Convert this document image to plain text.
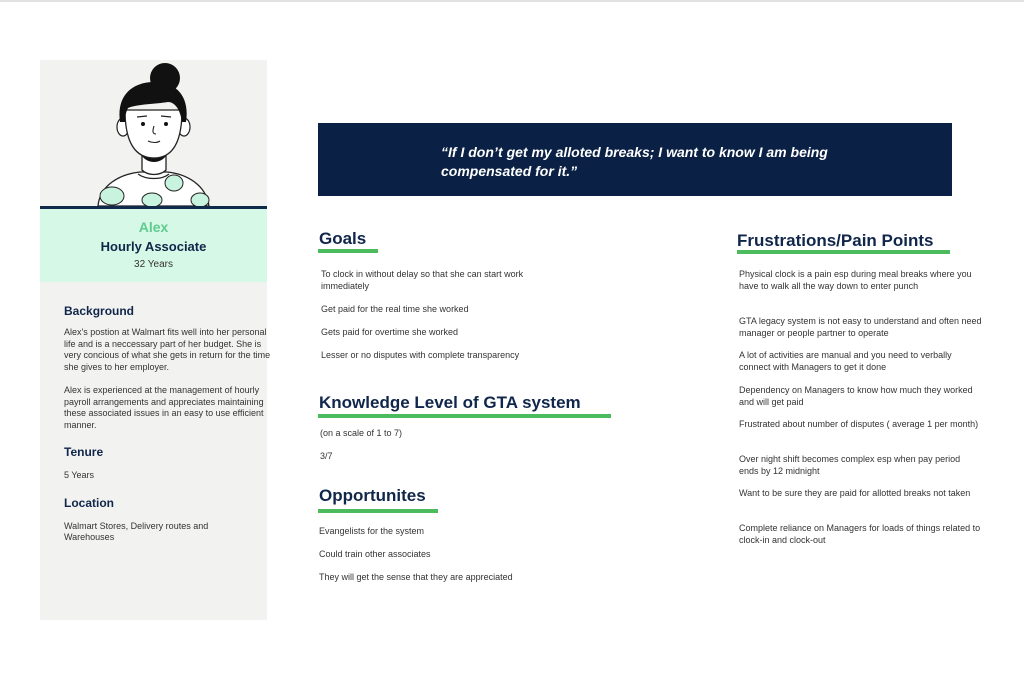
Alex
Hourly Associate
32 Years
Background

Alex's postion at Walmart fits well into her personal life and is a neccessary part of her budget. She is very concious of what she gets in return for the time she gives to her employer.

Alex is experienced at the management of hourly payroll arrangements and appreciates maintaining these associated issues in an easy to use efficient manner.

Tenure

5 Years

Location

Walmart Stores, Delivery routes and Warehouses

“If I don’t get my alloted breaks; I want to know I am being compensated for it.”
Goals
To clock in without delay so that she can start work immediately
Get paid for the real time she worked
Gets paid for overtime she worked
Lesser or no disputes with complete transparency
Knowledge Level of GTA system
(on a scale of 1 to 7)
3/7
Opportunites
Evangelists for the system
Could train other associates
They will get the sense that they are appreciated
Frustrations/Pain Points
Physical clock is a pain esp during meal breaks where you have to walk all the way down to enter punch
GTA legacy system is not easy to understand and often need manager or people partner to operate
A lot of activities are manual and you need to verbally connect with Managers to get it done
Dependency on Managers to know how much they worked and will get paid
Frustrated about number of disputes ( average 1 per month)
Over night shift becomes complex esp when pay period ends by 12 midnight
Want to be sure they are paid for allotted breaks not taken
Complete reliance on Managers for loads of things related to clock-in and clock-out
